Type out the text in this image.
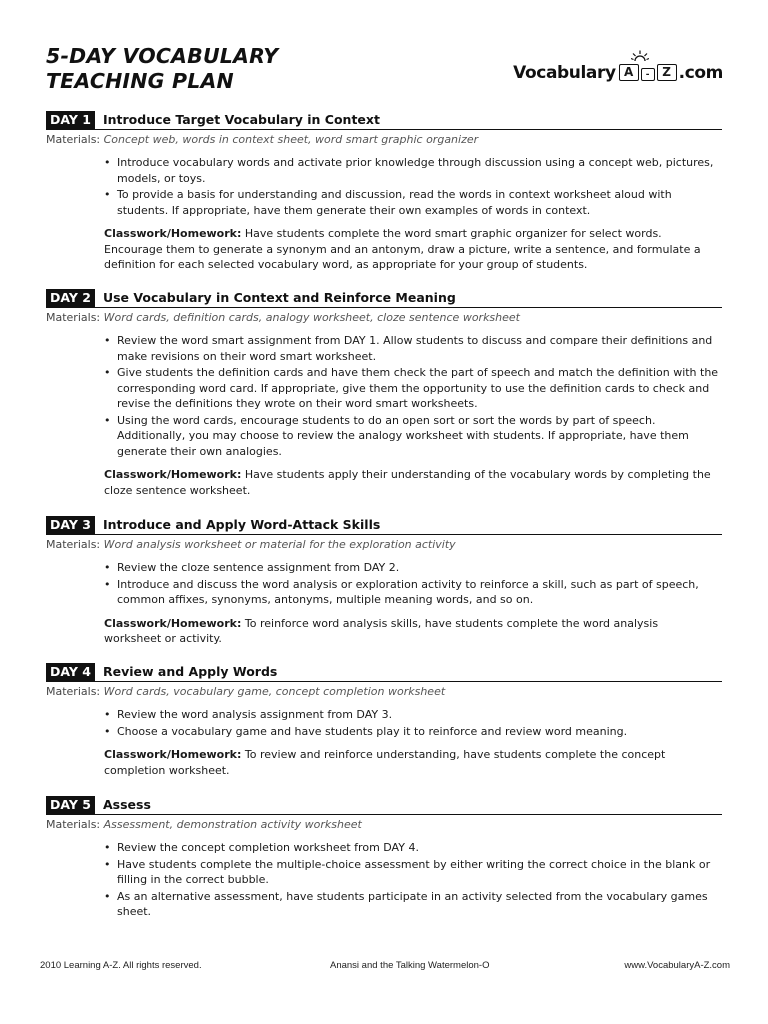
5-DAY VOCABULARY
TEACHING PLAN	Vocabulary A	-	Z .com
DAY 1 Introduce Target Vocabulary in Context
Materials: Concept web, words in context sheet, word smart graphic organizer
• Introduce vocabulary words and activate prior knowledge through discussion using a concept web, pictures, models, or toys.
• To provide a basis for understanding and discussion, read the words in context worksheet aloud with students. If appropriate, have them generate their own examples of words in context.

Classwork/Homework: Have students complete the word smart graphic organizer for select words. Encourage them to generate a synonym and an antonym, draw a picture, write a sentence, and formulate a definition for each selected vocabulary word, as appropriate for your group of students.

DAY 2 Use Vocabulary in Context and Reinforce Meaning
Materials: Word cards, definition cards, analogy worksheet, cloze sentence worksheet
• Review the word smart assignment from DAY 1. Allow students to discuss and compare their definitions and make revisions on their word smart worksheet.
• Give students the definition cards and have them check the part of speech and match the definition with the corresponding word card. If appropriate, give them the opportunity to use the definition cards to check and revise the definitions they wrote on their word smart worksheets.
• Using the word cards, encourage students to do an open sort or sort the words by part of speech. Additionally, you may choose to review the analogy worksheet with students. If appropriate, have them generate their own analogies.

Classwork/Homework: Have students apply their understanding of the vocabulary words by completing the cloze sentence worksheet.

DAY 3 Introduce and Apply Word-Attack Skills
Materials: Word analysis worksheet or material for the exploration activity
• Review the cloze sentence assignment from DAY 2.
• Introduce and discuss the word analysis or exploration activity to reinforce a skill, such as part of speech, common affixes, synonyms, antonyms, multiple meaning words, and so on.

Classwork/Homework: To reinforce word analysis skills, have students complete the word analysis worksheet or activity.

DAY 4 Review and Apply Words
Materials: Word cards, vocabulary game, concept completion worksheet
• Review the word analysis assignment from DAY 3.
• Choose a vocabulary game and have students play it to reinforce and review word meaning.

Classwork/Homework: To review and reinforce understanding, have students complete the concept completion worksheet.

DAY 5 Assess
Materials: Assessment, demonstration activity worksheet
• Review the concept completion worksheet from DAY 4.
• Have students complete the multiple-choice assessment by either writing the correct choice in the blank or filling in the correct bubble.
• As an alternative assessment, have students participate in an activity selected from the vocabulary games sheet.
2010 Learning A-Z. All rights reserved.	Anansi and the Talking Watermelon-O	www.VocabularyA-Z.com
